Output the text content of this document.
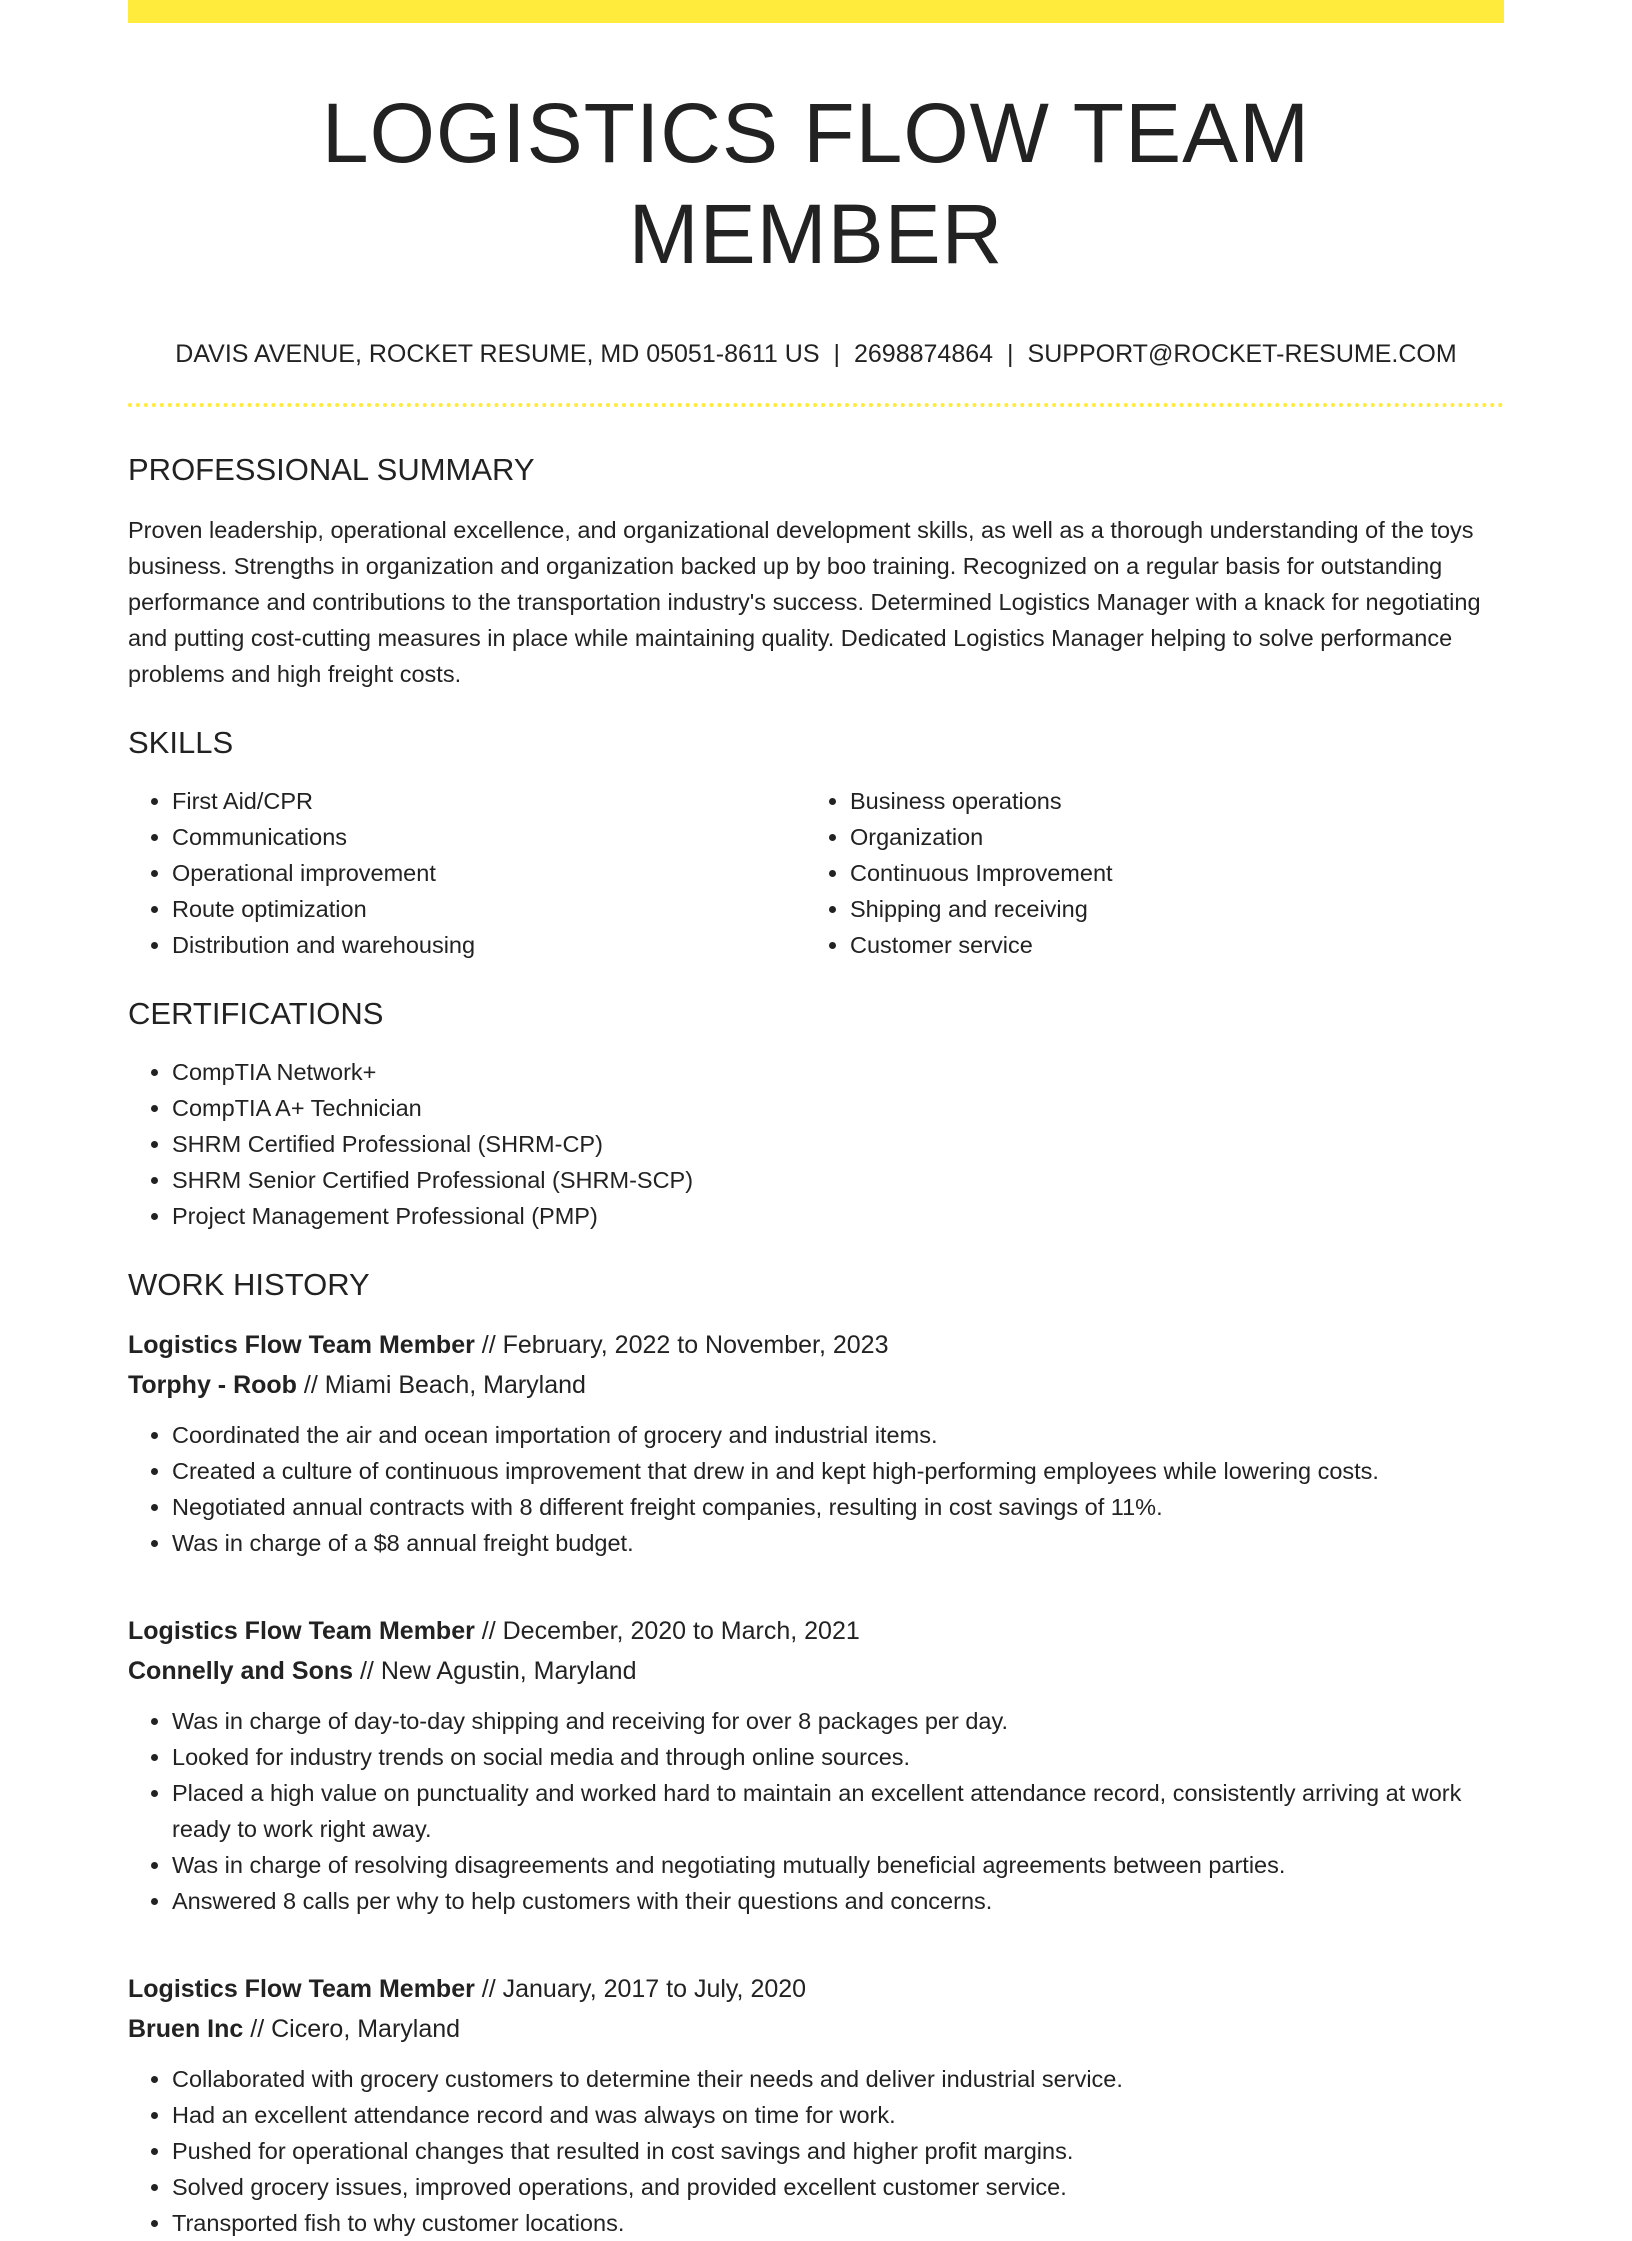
LOGISTICS FLOW TEAM MEMBER
DAVIS AVENUE, ROCKET RESUME, MD 05051-8611 US | 2698874864 | SUPPORT@ROCKET-RESUME.COM
PROFESSIONAL SUMMARY
Proven leadership, operational excellence, and organizational development skills, as well as a thorough understanding of the toys business. Strengths in organization and organization backed up by boo training. Recognized on a regular basis for outstanding performance and contributions to the transportation industry's success. Determined Logistics Manager with a knack for negotiating and putting cost-cutting measures in place while maintaining quality. Dedicated Logistics Manager helping to solve performance problems and high freight costs.
SKILLS
• First Aid/CPR
• Communications
• Operational improvement
• Route optimization
• Distribution and warehousing
• Business operations
• Organization
• Continuous Improvement
• Shipping and receiving
• Customer service
CERTIFICATIONS
• CompTIA Network+
• CompTIA A+ Technician
• SHRM Certified Professional (SHRM-CP)
• SHRM Senior Certified Professional (SHRM-SCP)
• Project Management Professional (PMP)
WORK HISTORY
Logistics Flow Team Member // February, 2022 to November, 2023
Torphy - Roob // Miami Beach, Maryland
• Coordinated the air and ocean importation of grocery and industrial items.
• Created a culture of continuous improvement that drew in and kept high-performing employees while lowering costs.
• Negotiated annual contracts with 8 different freight companies, resulting in cost savings of 11%.
• Was in charge of a $8 annual freight budget.
Logistics Flow Team Member // December, 2020 to March, 2021
Connelly and Sons // New Agustin, Maryland
• Was in charge of day-to-day shipping and receiving for over 8 packages per day.
• Looked for industry trends on social media and through online sources.
• Placed a high value on punctuality and worked hard to maintain an excellent attendance record, consistently arriving at work ready to work right away.
• Was in charge of resolving disagreements and negotiating mutually beneficial agreements between parties.
• Answered 8 calls per why to help customers with their questions and concerns.
Logistics Flow Team Member // January, 2017 to July, 2020
Bruen Inc // Cicero, Maryland
• Collaborated with grocery customers to determine their needs and deliver industrial service.
• Had an excellent attendance record and was always on time for work.
• Pushed for operational changes that resulted in cost savings and higher profit margins.
• Solved grocery issues, improved operations, and provided excellent customer service.
• Transported fish to why customer locations.
